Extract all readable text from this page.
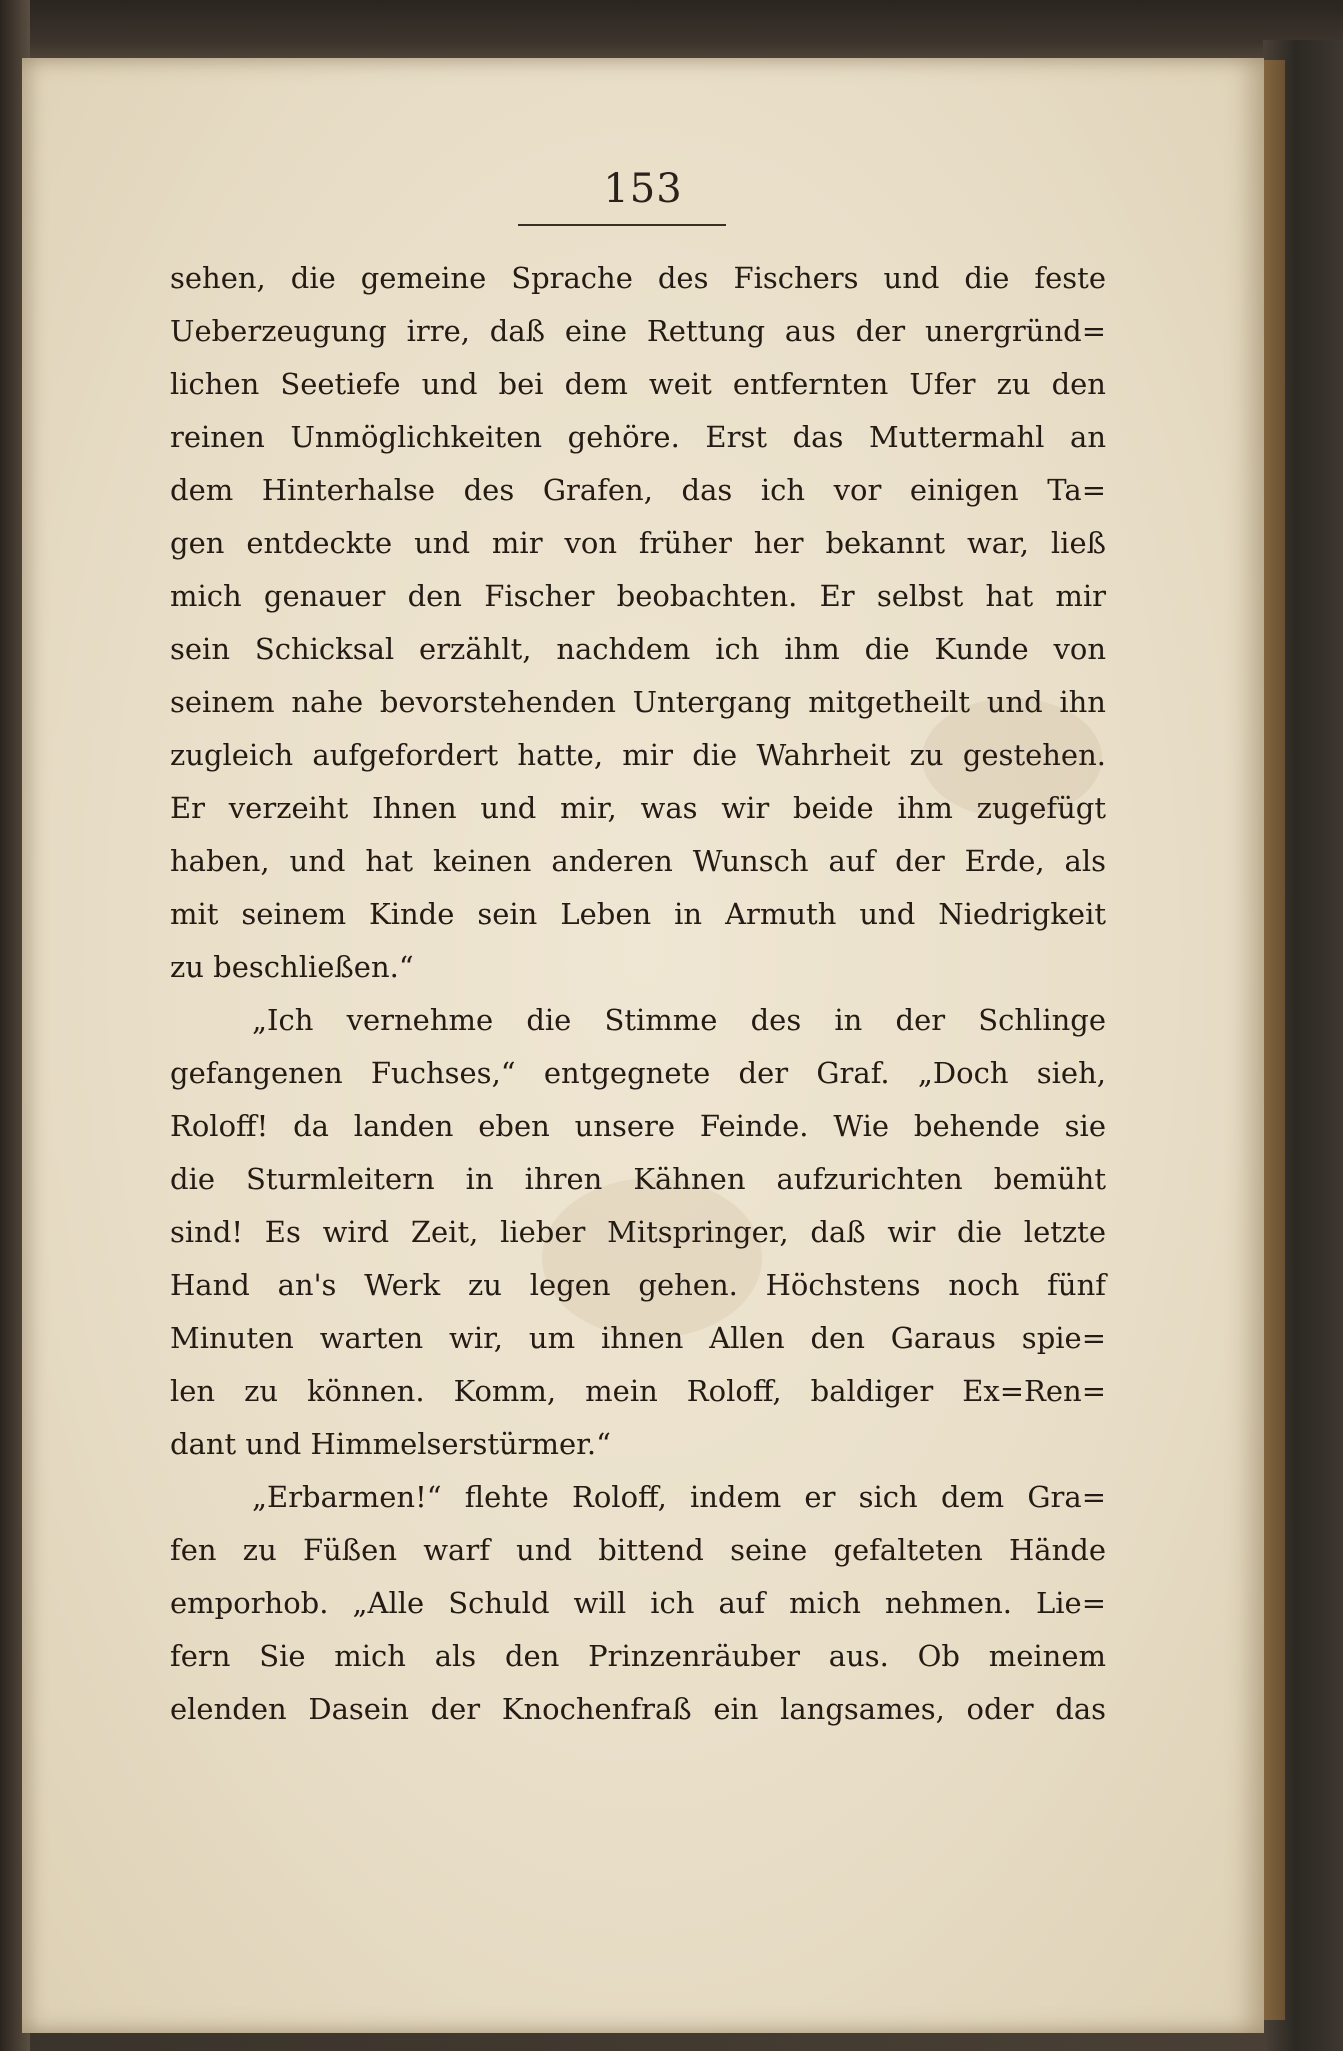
153
sehen, die gemeine Sprache des Fischers und die feste
Ueberzeugung irre, daß eine Rettung aus der unergründ=
lichen Seetiefe und bei dem weit entfernten Ufer zu den
reinen Unmöglichkeiten gehöre. Erst das Muttermahl an
dem Hinterhalse des Grafen, das ich vor einigen Ta=
gen entdeckte und mir von früher her bekannt war, ließ
mich genauer den Fischer beobachten. Er selbst hat mir
sein Schicksal erzählt, nachdem ich ihm die Kunde von
seinem nahe bevorstehenden Untergang mitgetheilt und ihn
zugleich aufgefordert hatte, mir die Wahrheit zu gestehen.
Er verzeiht Ihnen und mir, was wir beide ihm zugefügt
haben, und hat keinen anderen Wunsch auf der Erde, als
mit seinem Kinde sein Leben in Armuth und Niedrigkeit
zu beschließen.“
„Ich vernehme die Stimme des in der Schlinge
gefangenen Fuchses,“ entgegnete der Graf. „Doch sieh,
Roloff! da landen eben unsere Feinde. Wie behende sie
die Sturmleitern in ihren Kähnen aufzurichten bemüht
sind! Es wird Zeit, lieber Mitspringer, daß wir die letzte
Hand an's Werk zu legen gehen. Höchstens noch fünf
Minuten warten wir, um ihnen Allen den Garaus spie=
len zu können. Komm, mein Roloff, baldiger Ex=Ren=
dant und Himmelserstürmer.“
„Erbarmen!“ flehte Roloff, indem er sich dem Gra=
fen zu Füßen warf und bittend seine gefalteten Hände
emporhob. „Alle Schuld will ich auf mich nehmen. Lie=
fern Sie mich als den Prinzenräuber aus. Ob meinem
elenden Dasein der Knochenfraß ein langsames, oder das
